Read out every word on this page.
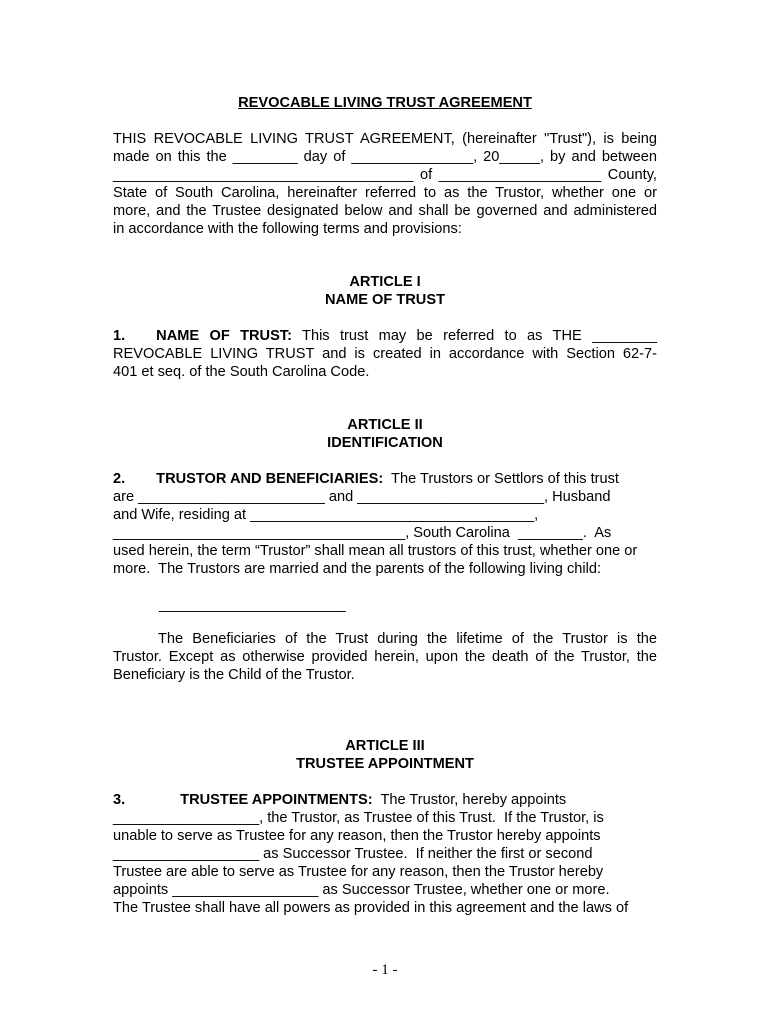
REVOCABLE LIVING TRUST AGREEMENT

THIS REVOCABLE LIVING TRUST AGREEMENT, (hereinafter "Trust"), is being

made on this the ________ day of _______________, 20_____, by and between

_____________________________________ of ____________________ County,

State of South Carolina, hereinafter referred to as the Trustor, whether one or

more, and the Trustee designated below and shall be governed and administered

in accordance with the following terms and provisions:

ARTICLE I

NAME OF TRUST

1. NAME OF TRUST: This trust may be referred to as THE ________

REVOCABLE LIVING TRUST and is created in accordance with Section 62-7-

401 et seq. of the South Carolina Code.

ARTICLE II

IDENTIFICATION

2. TRUSTOR AND BENEFICIARIES:  The Trustors or Settlors of this trust

are _______________________ and _______________________, Husband

and Wife, residing at ___________________________________,

____________________________________, South Carolina  ________.  As

used herein, the term “Trustor” shall mean all trustors of this trust, whether one or

more.  The Trustors are married and the parents of the following living child:

_______________________

The Beneficiaries of the Trust during the lifetime of the Trustor is the

Trustor. Except as otherwise provided herein, upon the death of the Trustor, the

Beneficiary is the Child of the Trustor.

ARTICLE III

TRUSTEE APPOINTMENT

3.	TRUSTEE APPOINTMENTS:  The Trustor, hereby appoints

__________________, the Trustor, as Trustee of this Trust.  If the Trustor, is

unable to serve as Trustee for any reason, then the Trustor hereby appoints

__________________ as Successor Trustee.  If neither the first or second

Trustee are able to serve as Trustee for any reason, then the Trustor hereby

appoints __________________ as Successor Trustee, whether one or more.

The Trustee shall have all powers as provided in this agreement and the laws of

- 1 -
